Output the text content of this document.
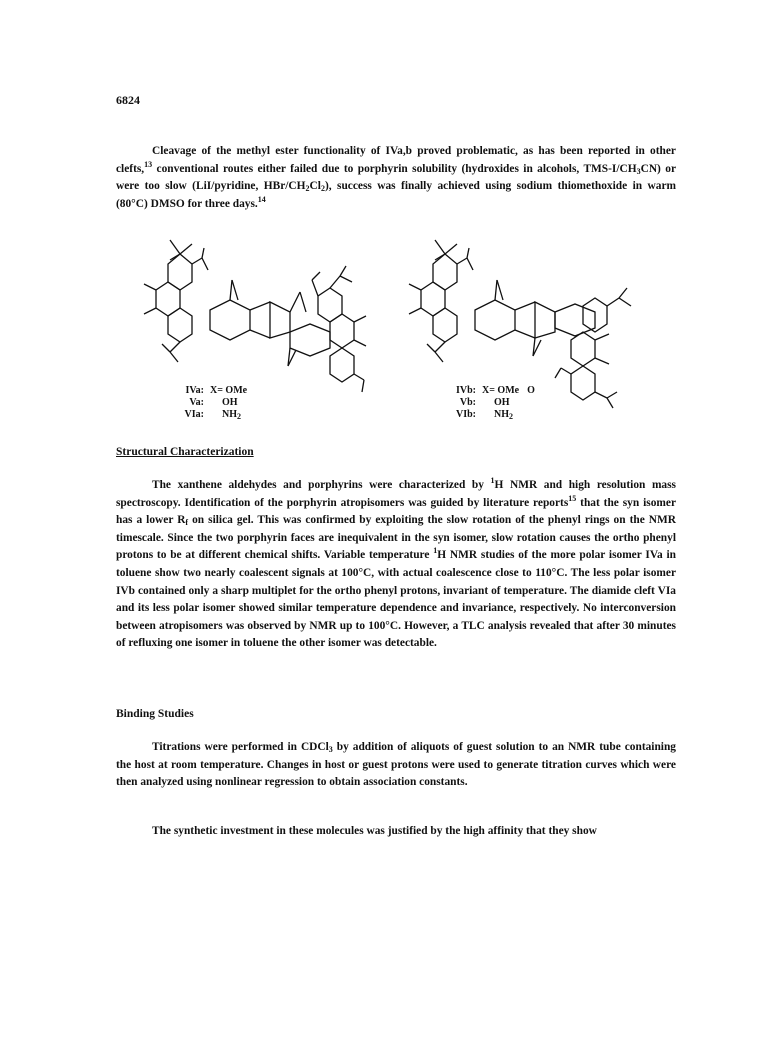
6824

Cleavage of the methyl ester functionality of IVa,b proved problematic, as has been reported in other clefts,$^{13}$ conventional routes either failed due to porphyrin solubility (hydroxides in alcohols, TMS-$I/CH_3CN$) or were too slow (LiI/pyridine, HBr/$CH_2Cl_2$), success was finally achieved using sodium thiomethoxide in warm (80°C) DMSO for three days.$^{14}$

IVa: X= OMe
Va:	OH
VIa:	$NH_2$
IVb: X= OMe O
Vb:	OH
VIb:	$NH_2$

Structural Characterization

The xanthene aldehydes and porphyrins were characterized by $^1$H NMR and high resolution mass spectroscopy. Identification of the porphyrin atropisomers was guided by literature reports$^{15}$ that the syn isomer has a lower $R_f$ on silica gel. This was confirmed by exploiting the slow rotation of the phenyl rings on the NMR timescale. Since the two porphyrin faces are inequivalent in the syn isomer, slow rotation causes the ortho phenyl protons to be at different chemical shifts. Variable temperature $^1$H NMR studies of the more polar isomer IVa in toluene show two nearly coalescent signals at 100°C, with actual coalescence close to 110°C. The less polar isomer IVb contained only a sharp multiplet for the ortho phenyl protons, invariant of temperature. The diamide cleft VIa and its less polar isomer showed similar temperature dependence and invariance, respectively. No interconversion between atropisomers was observed by NMR up to 100°C. However, a TLC analysis revealed that after 30 minutes of refluxing one isomer in toluene the other isomer was detectable.

Binding Studies

Titrations were performed in CDCl$_3$ by addition of aliquots of guest solution to an NMR tube containing the host at room temperature. Changes in host or guest protons were used to generate titration curves which were then analyzed using nonlinear regression to obtain association constants.

The synthetic investment in these molecules was justified by the high affinity that they show
